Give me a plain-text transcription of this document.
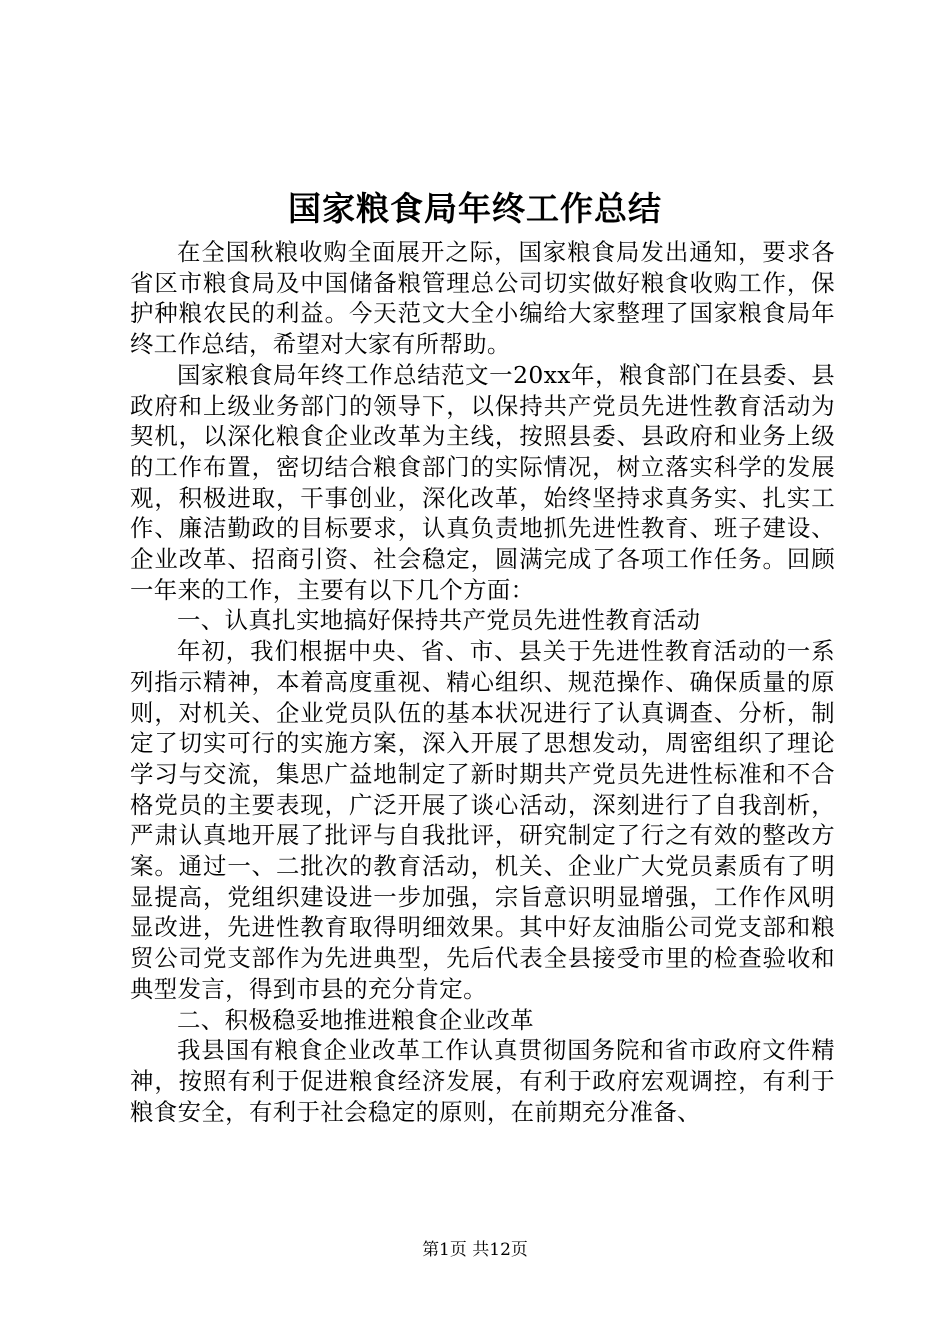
国家粮食局年终工作总结

在全国秋粮收购全面展开之际，国家粮食局发出通知，要求各省区市粮食局及中国储备粮管理总公司切实做好粮食收购工作，保护种粮农民的利益。今天范文大全小编给大家整理了国家粮食局年终工作总结，希望对大家有所帮助。

国家粮食局年终工作总结范文一20xx年，粮食部门在县委、县政府和上级业务部门的领导下，以保持共产党员先进性教育活动为契机，以深化粮食企业改革为主线，按照县委、县政府和业务上级的工作布置，密切结合粮食部门的实际情况，树立落实科学的发展观，积极进取，干事创业，深化改革，始终坚持求真务实、扎实工作、廉洁勤政的目标要求，认真负责地抓先进性教育、班子建设、企业改革、招商引资、社会稳定，圆满完成了各项工作任务。回顾一年来的工作，主要有以下几个方面：

一、认真扎实地搞好保持共产党员先进性教育活动

年初，我们根据中央、省、市、县关于先进性教育活动的一系列指示精神，本着高度重视、精心组织、规范操作、确保质量的原则，对机关、企业党员队伍的基本状况进行了认真调查、分析，制定了切实可行的实施方案，深入开展了思想发动，周密组织了理论学习与交流，集思广益地制定了新时期共产党员先进性标准和不合格党员的主要表现，广泛开展了谈心活动，深刻进行了自我剖析，严肃认真地开展了批评与自我批评，研究制定了行之有效的整改方案。通过一、二批次的教育活动，机关、企业广大党员素质有了明显提高，党组织建设进一步加强，宗旨意识明显增强，工作作风明显改进，先进性教育取得明细效果。其中好友油脂公司党支部和粮贸公司党支部作为先进典型，先后代表全县接受市里的检查验收和典型发言，得到市县的充分肯定。

二、积极稳妥地推进粮食企业改革

我县国有粮食企业改革工作认真贯彻国务院和省市政府文件精神，按照有利于促进粮食经济发展，有利于政府宏观调控，有利于粮食安全，有利于社会稳定的原则，在前期充分准备、

第1页 共12页
